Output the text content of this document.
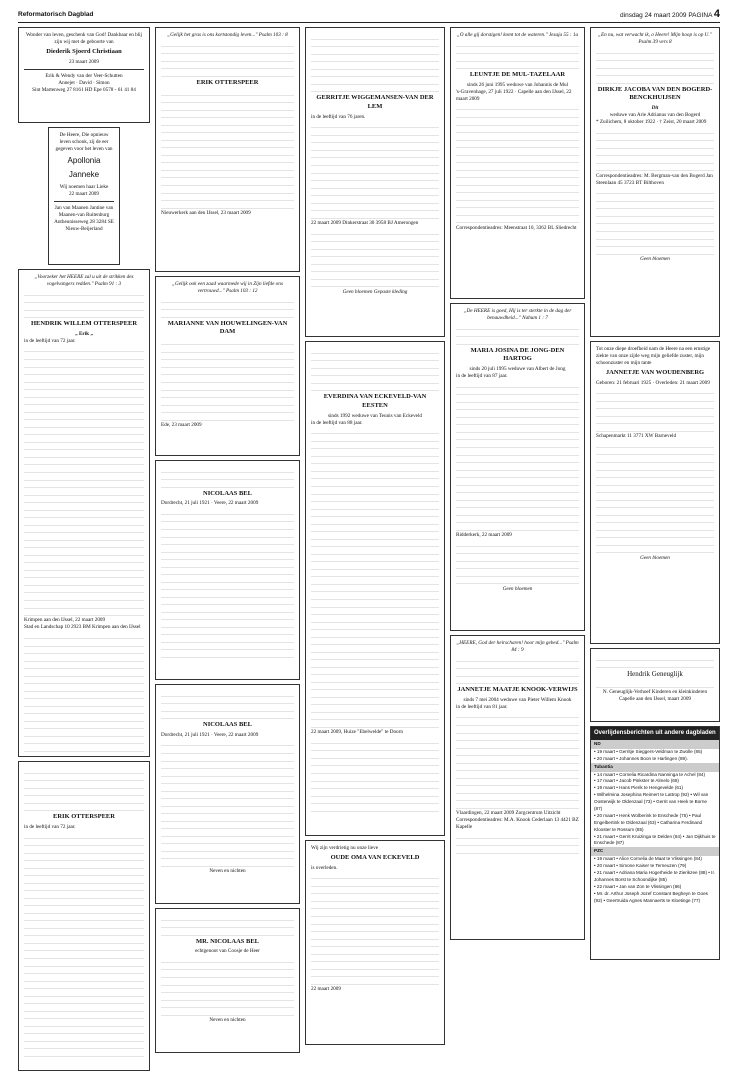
Reformatorisch Dagblad	dinsdag 24 maart 2009 PAGINA 4
Wonder van leven, geschenk van God! Dankbaar en blij zijn wij met de geboorte van
Diederik Sjoerd Christiaan
23 maart 2009
Erik & Wendy van der Veer-Schutten
Annejet · David · Simon
Sint Martenweg 27 8161 HD Epe 0578 - 61 41 84
De Heere, Die opnieuw leven schonk, zij de eer gegeven voor het leven van
Apollonia
Janneke
Wij noemen haar Lieke
22 maart 2009
Jan van Maanen Jantine van Maanen-van Ruitenburg
Antheunisseweg 28 3284 SE Nieuw-Beijerland
„Voorzeker het HEERE zal u uit de strikken des vogelvangers redden." Psalm 91 : 3
HENDRIK WILLEM OTTERSPEER
„ Erik „
in de leeftijd van 72 jaar.
Krimpen aan den IJssel, 22 maart 2009
Stad en Landschap 10 2923 BM Krimpen aan den IJssel
ERIK OTTERSPEER
in de leeftijd van 72 jaar.
„Gelijk het gras is ons kortstondig leven..." Psalm 103 : 8
ERIK OTTERSPEER
Nieuwerkerk aan den IJssel, 23 maart 2009
„Gelijk ook een zaad waarmede wij in Zijn liefde ons vertrouwd..." Psalm 103 : 12
MARIANNE VAN HOUWELINGEN-VAN DAM
Ede, 23 maart 2009
NICOLAAS BEL
Dordrecht, 21 juli 1921 · Veere, 22 maart 2009
NICOLAAS BEL
Dordrecht, 21 juli 1921 · Veere, 22 maart 2009
Neven en nichten
MR. NICOLAAS BEL
echtgenoot van Coosje de Heer
Neven en nichten
GERRITJE WIGGEMANSEN-VAN DER LEM
in de leeftijd van 76 jaren.
22 maart 2009 Dinkerstraat 30 3958 BJ Amerongen
Geen bloemen Gepaste kleding
EVERDINA VAN ECKEVELD-VAN EESTEN
sinds 1992 weduwe van Teunis van Eckeveld
in de leeftijd van 88 jaar.
22 maart 2009, Huize "Ebelwelde" te Doorn
Wij zijn verdrietig nu onze lieve
OUDE OMA VAN ECKEVELD
is overleden.
22 maart 2009
„O alle gij dorstigen! komt tot de wateren." Jesaja 55 : 1a
LEUNTJE DE MUL-TAZELAAR
sinds 26 juni 1995 weduwe van Johannis de Mul
's-Gravenhage, 27 juli 1922 · Capelle aan den IJssel, 22 maart 2009
Correspondentieadres: Meenstraat 10, 3362 BL Sliedrecht
„De HEERE is goed, Hij is ter sterkte in de dag der benauwdheid..." Nahum 1 : 7
MARIA JOSINA DE JONG-DEN HARTOG
sinds 20 juli 1995 weduwe van Albert de Jong
in de leeftijd van 87 jaar.
Ridderkerk, 22 maart 2009
Geen bloemen
„HEERE, God der heirscharen! hoor mijn gebed..." Psalm 84 : 9
JANNETJE MAATJE KNOOK-VERWIJS
sinds 7 mei 2004 weduwe van Pieter Willem Knook
in de leeftijd van 81 jaar.
Vlaardingen, 22 maart 2009 Zorgcentrum Uitzicht
Correspondentieadres: M.A. Knook Cederlaan 13 4421 BZ Kapelle
„En nu, wat verwacht ik, o Heere! Mijn hoop is op U." Psalm 39 vers 8
DIRKJE JACOBA VAN DEN BOGERD-BENCKHUIJSEN
Dit
weduwe van Arie Adrianus van den Bogerd
* Zuilichem, 8 oktober 1922 · † Zeist, 20 maart 2009
Correspondentieadres: M. Bergman-van den Bogerd Jan Steenlaan 45 3723 BT Bilthoven
Geen bloemen
Tot onze diepe droefheid nam de Heere na een ernstige ziekte van onze zijde weg mijn geliefde zuster, mijn schoonzuster en mijn tante
JANNETJE VAN WOUDENBERG
Geboren: 21 februari 1925 · Overleden: 21 maart 2009
Schapenmarkt 11 3771 XW Barneveld
Geen bloemen
Hendrik Geneuglijk
N. Geneuglijk-Verhoef Kinderen en kleinkinderen
Capelle aan den IJssel, maart 2009
Overlijdensberichten uit andere dagbladen
ND
• 19 maart • Gerritje Sieggers-Veldman te Zwolle (85)
• 20 maart • Johannes Boon te Harlingen (89).
Tubantia
• 14 maart • Cornelia Ricardina Nanninga te Achel (84)
• 17 maart • Jacob Pinkster te Almelo (68)
• 19 maart • Hans Pierik te Hengevelde (61)
• Wilhelmina Josephina Reimert te Lattrop (92) • Wil van Oosterwijk te Oldenzaal (73) • Gerrit van Heek te Borne (87)
• 20 maart • Henk Wolberink te Enschede (75) • Paul Engelbertink te Oldenzaal (63) • Catharina Ferdinand Klooster te Rossum (85)
• 21 maart • Gerrit Kruizinga te Delden (84) • Jan Dijkhuis te Enschede (87)
PZC
• 19 maart • Alice Cornelia de Maat te Vlissingen (84)
• 20 maart • Simone Kaiser te Terneuzen (79)
• 21 maart • Adriana Maria Hogerheide te Zierikzee (88) • Ir. Johannes Borst te Schoondijke (85)
• 22 maart • Jan van Zon te Vlissingen (86)
• Mr. dr. Arthur Joseph Jozef Constant Begheyn te Goes (92) • Geertruida Agnes Mannaerts te Kloetinge (77)
